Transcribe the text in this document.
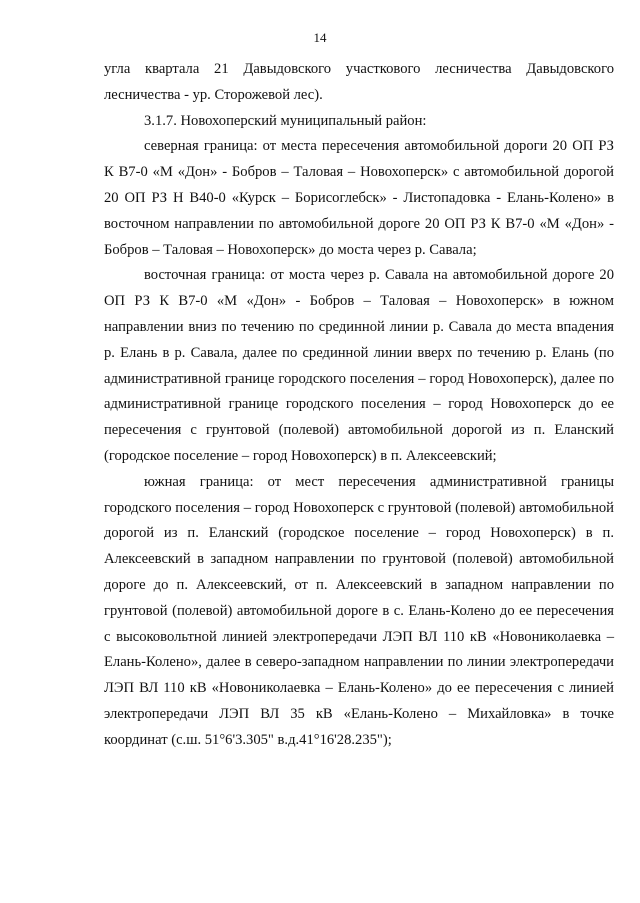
14

угла квартала 21 Давыдовского участкового лесничества Давыдовского лесничества - ур. Сторожевой лес).

3.1.7. Новохоперский муниципальный район:

северная граница: от места пересечения автомобильной дороги 20 ОП РЗ К В7-0 «М «Дон» - Бобров – Таловая – Новохоперск» с автомобильной дорогой 20 ОП РЗ Н В40-0 «Курск – Борисоглебск» - Листопадовка - Елань-Колено» в восточном направлении по автомобильной дороге 20 ОП РЗ К В7-0 «М «Дон» - Бобров – Таловая – Новохоперск» до моста через р. Савала;

восточная граница: от моста через р. Савала на автомобильной дороге 20 ОП РЗ К В7-0 «М «Дон» - Бобров – Таловая – Новохоперск» в южном направлении вниз по течению по срединной линии р. Савала до места впадения р. Елань в р. Савала, далее по срединной линии вверх по течению р. Елань (по административной границе городского поселения – город Новохоперск), далее по административной границе городского поселения – город Новохоперск до ее пересечения с грунтовой (полевой) автомобильной дорогой из п. Еланский (городское поселение – город Новохоперск) в п. Алексеевский;

южная граница: от мест пересечения административной границы городского поселения – город Новохоперск с грунтовой (полевой) автомобильной дорогой из п. Еланский (городское поселение – город Новохоперск) в п. Алексеевский в западном направлении по грунтовой (полевой) автомобильной дороге до п. Алексеевский, от п. Алексеевский в западном направлении по грунтовой (полевой) автомобильной дороге в с. Елань-Колено до ее пересечения с высоковольтной линией электропередачи ЛЭП ВЛ 110 кВ «Новониколаевка – Елань-Колено», далее в северо-западном направлении по линии электропередачи ЛЭП ВЛ 110 кВ «Новониколаевка – Елань-Колено» до ее пересечения с линией электропередачи ЛЭП ВЛ 35 кВ «Елань-Колено – Михайловка» в точке координат (с.ш. 51°6'3.305" в.д.41°16'28.235");
